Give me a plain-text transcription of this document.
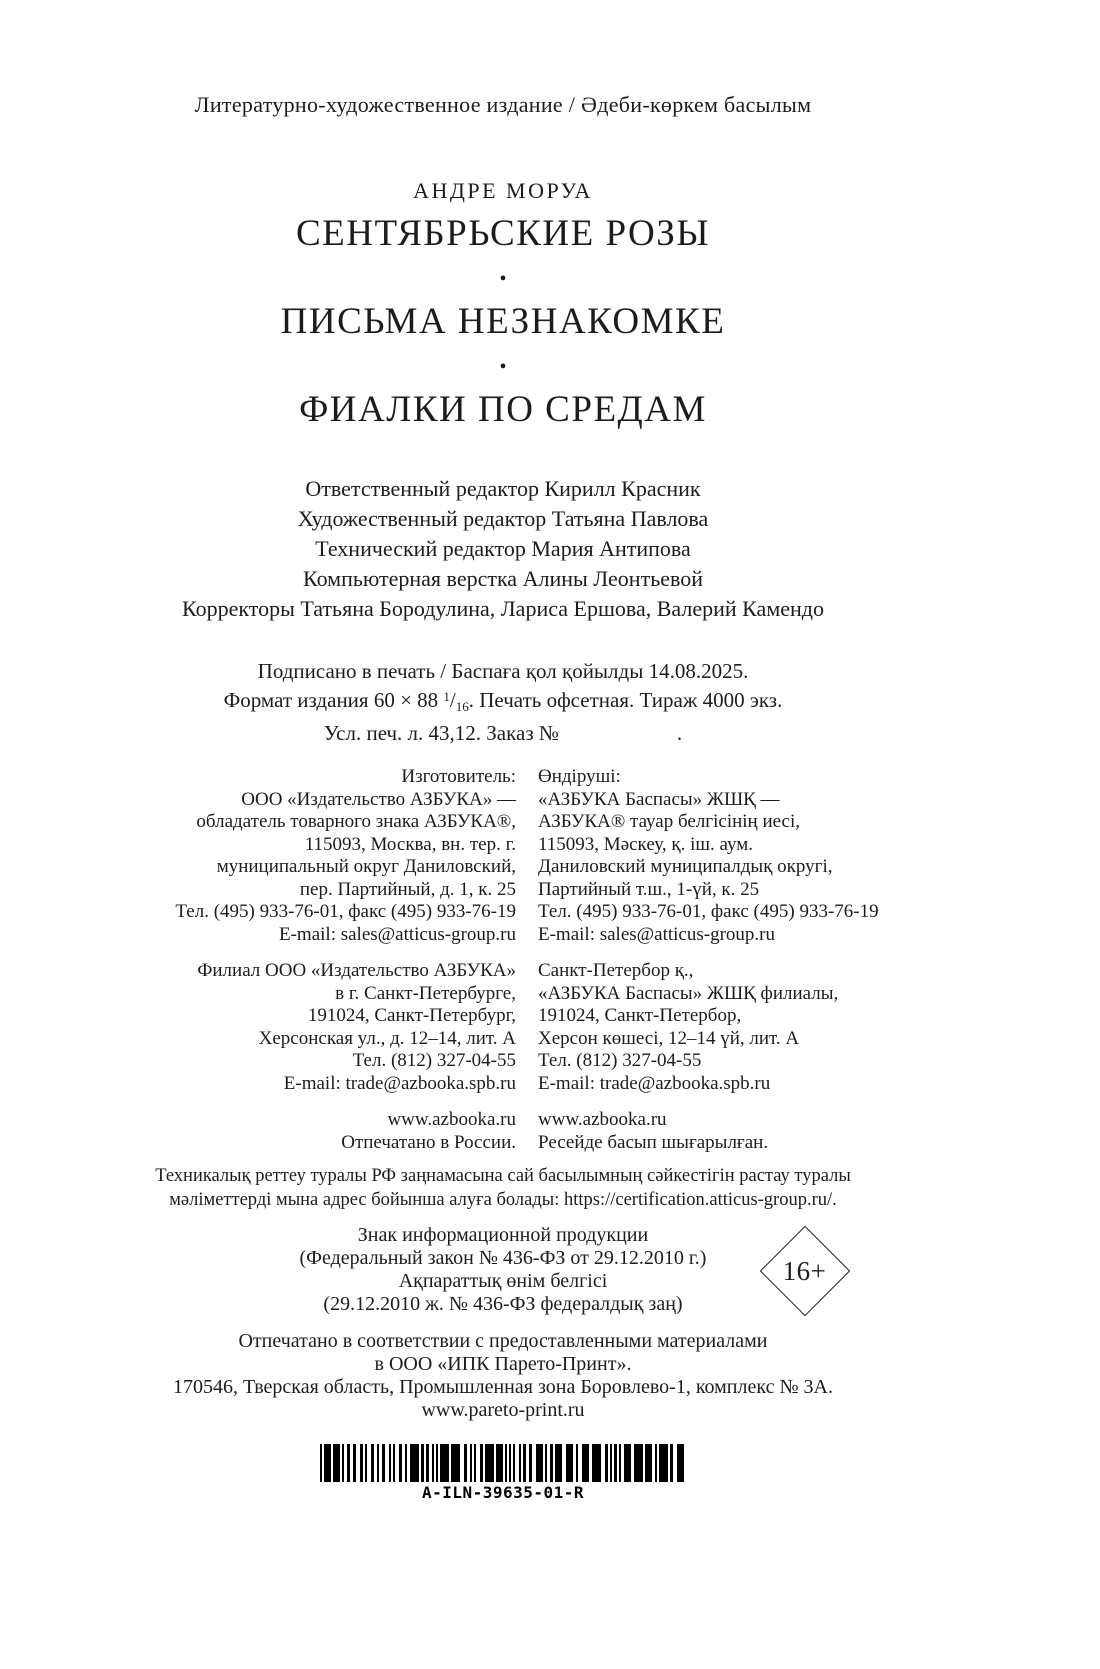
Литературно-художественное издание / Әдеби-көркем басылым
АНДРЕ МОРУА
СЕНТЯБРЬСКИЕ РОЗЫ
•
ПИСЬМА НЕЗНАКОМКЕ
•
ФИАЛКИ ПО СРЕДАМ
Ответственный редактор Кирилл Красник
Художественный редактор Татьяна Павлова
Технический редактор Мария Антипова
Компьютерная верстка Алины Леонтьевой
Корректоры Татьяна Бородулина, Лариса Ершова, Валерий Камендо
Подписано в печать / Баспаға қол қойылды 14.08.2025.
Формат издания 60 × 88 $^1/_{16}$. Печать офсетная. Тираж 4000 экз.
Усл. печ. л. 43,12. Заказ №	.
Изготовитель:
ООО «Издательство АЗБУКА» —
обладатель товарного знака АЗБУКА®,
115093, Москва, вн. тер. г.
муниципальный округ Даниловский,
пер. Партийный, д. 1, к. 25
Тел. (495) 933-76-01, факс (495) 933-76-19
E-mail: sales@atticus-group.ru
Филиал ООО «Издательство АЗБУКА»
в г. Санкт-Петербурге,
191024, Санкт-Петербург,
Херсонская ул., д. 12–14, лит. А
Тел. (812) 327-04-55
E-mail: trade@azbooka.spb.ru
www.azbooka.ru
Отпечатано в России.
Өндіруші:
«АЗБУКА Баспасы» ЖШҚ —
АЗБУКА® тауар белгісінің иесі,
115093, Мәскеу, қ. іш. аум.
Даниловский муниципалдық округі,
Партийный т.ш., 1-үй, к. 25
Тел. (495) 933-76-01, факс (495) 933-76-19
E-mail: sales@atticus-group.ru
Санкт-Петербор қ.,
«АЗБУКА Баспасы» ЖШҚ филиалы,
191024, Санкт-Петербор,
Херсон көшесі, 12–14 үй, лит. А
Тел. (812) 327-04-55
E-mail: trade@azbooka.spb.ru
www.azbooka.ru
Ресейде басып шығарылған.
Техникалық реттеу туралы РФ заңнамасына сай басылымның сәйкестігін растау туралы
мәліметтерді мына адрес бойынша алуға болады: https://certification.atticus-group.ru/.
Знак информационной продукции
(Федеральный закон № 436-ФЗ от 29.12.2010 г.)
Ақпараттық өнім белгісі
(29.12.2010 ж. № 436-ФЗ федералдық заң)
16+
Отпечатано в соответствии с предоставленными материалами
в ООО «ИПК Парето-Принт».
170546, Тверская область, Промышленная зона Боровлево-1, комплекс № 3А.
www.pareto-print.ru
A-ILN-39635-01-R
